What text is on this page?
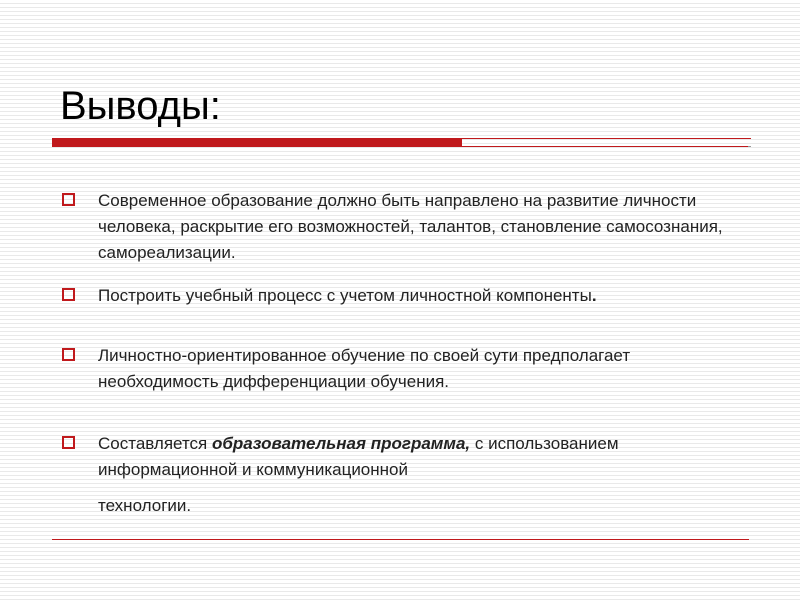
Выводы:
Современное образование должно быть направлено на развитие личности человека, раскрытие его возможностей, талантов, становление самосознания, самореализации.
Построить учебный процесс с учетом личностной компоненты.
Личностно-ориентированное обучение по своей сути предполагает необходимость дифференциации обучения.
Составляется образовательная программа, с использованием информационной и коммуникационной
технологии.
